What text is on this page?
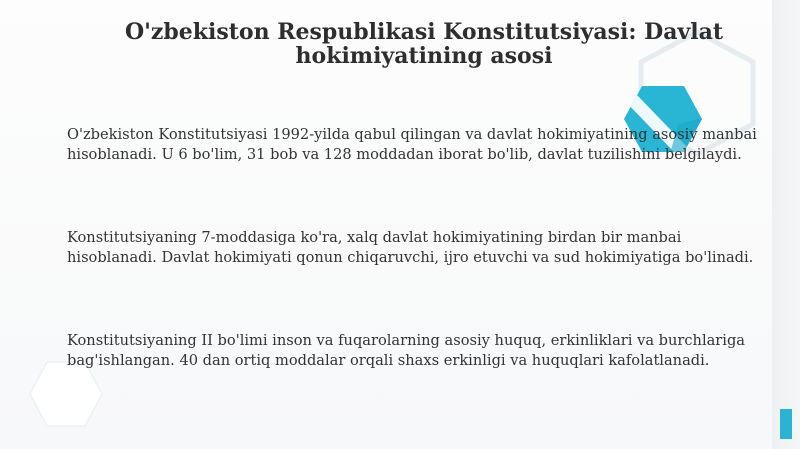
O'zbekiston Respublikasi Konstitutsiyasi: Davlat hokimiyatining asosi

O'zbekiston Konstitutsiyasi 1992-yilda qabul qilingan va davlat hokimiyatining asosiy manbai hisoblanadi. U 6 bo'lim, 31 bob va 128 moddadan iborat bo'lib, davlat tuzilishini belgilaydi.

Konstitutsiyaning 7-moddasiga ko'ra, xalq davlat hokimiyatining birdan bir manbai hisoblanadi. Davlat hokimiyati qonun chiqaruvchi, ijro etuvchi va sud hokimiyatiga bo'linadi.

Konstitutsiyaning II bo'limi inson va fuqarolarning asosiy huquq, erkinliklari va burchlariga bag'ishlangan. 40 dan ortiq moddalar orqali shaxs erkinligi va huquqlari kafolatlanadi.
